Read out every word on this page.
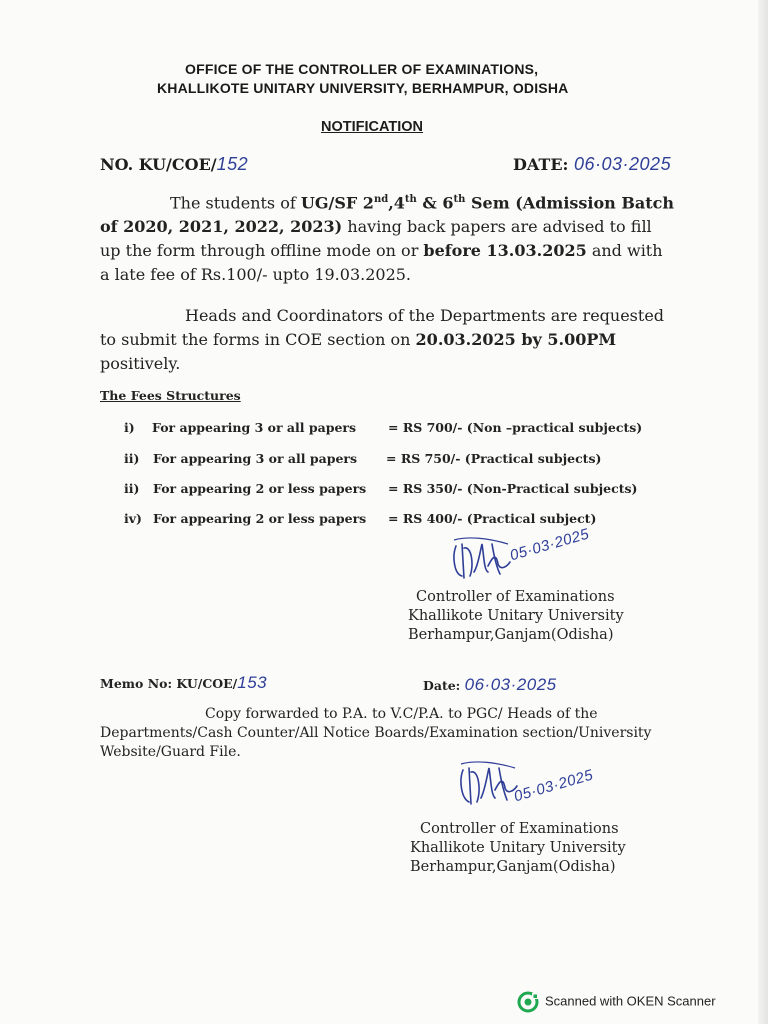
OFFICE OF THE CONTROLLER OF EXAMINATIONS,
KHALLIKOTE UNITARY UNIVERSITY, BERHAMPUR, ODISHA
NOTIFICATION
NO. KU/COE/152	DATE: 06·03·2025
The students of UG/SF 2nd,4th & 6th Sem (Admission Batch
of 2020, 2021, 2022, 2023) having back papers are advised to fill
up the form through offline mode on or before 13.03.2025 and with
a late fee of Rs.100/- upto 19.03.2025.
Heads and Coordinators of the Departments are requested
to submit the forms in COE section on 20.03.2025 by 5.00PM
positively.
The Fees Structures
i) For appearing 3 or all papers	= RS 700/- (Non –practical subjects)
ii) For appearing 3 or all papers = RS 750/- (Practical subjects)
ii) For appearing 2 or less papers = RS 350/- (Non-Practical subjects)
iv) For appearing 2 or less papers = RS 400/- (Practical subject)
05·03·2025
Controller of Examinations
Khallikote Unitary University
Berhampur,Ganjam(Odisha)
Memo No: KU/COE/153	Date: 06·03·2025
Copy forwarded to P.A. to V.C/P.A. to PGC/ Heads of the
Departments/Cash Counter/All Notice Boards/Examination section/University
Website/Guard File.
05·03·2025
Controller of Examinations
Khallikote Unitary University
Berhampur,Ganjam(Odisha)
Scanned with OKEN Scanner
